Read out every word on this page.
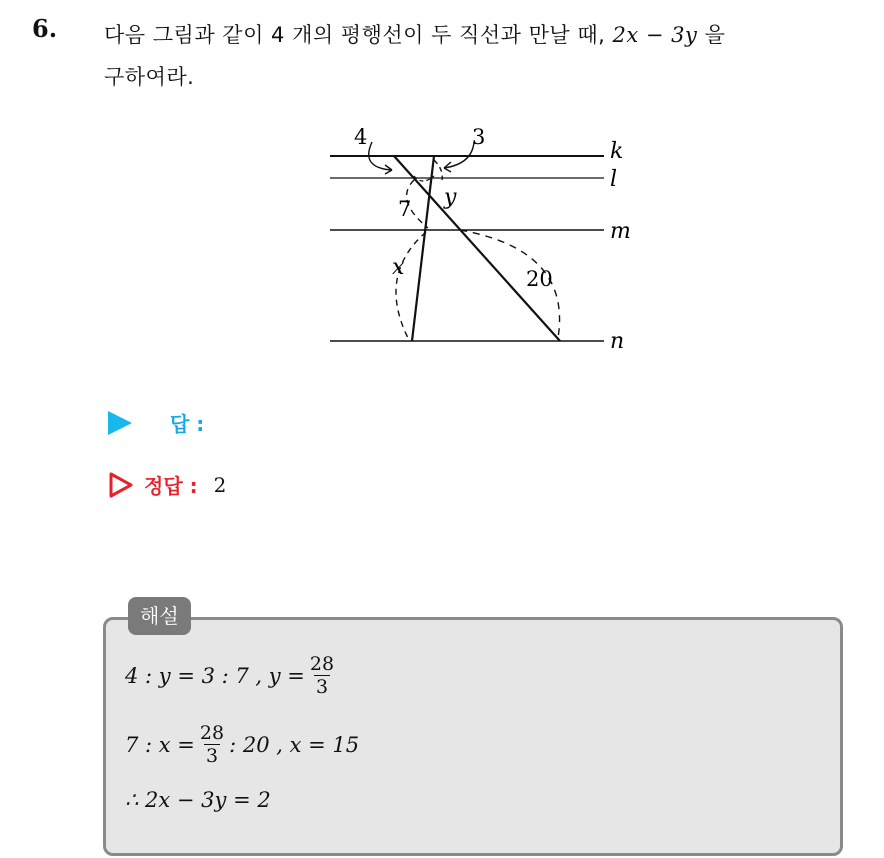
6. 다음 그림과 같이 4 개의 평행선이 두 직선과 만날 때, 2x − 3y 을
구하여라.
k
l
m
n
4	3
7 y
x	20
답 :
정답 : 2
해설
4 : y = 3 : 7 , $y = \frac{28}{3}$
7 : $x = \frac{28}{3}$ : 20 , x = 15
∴ 2x − 3y = 2
